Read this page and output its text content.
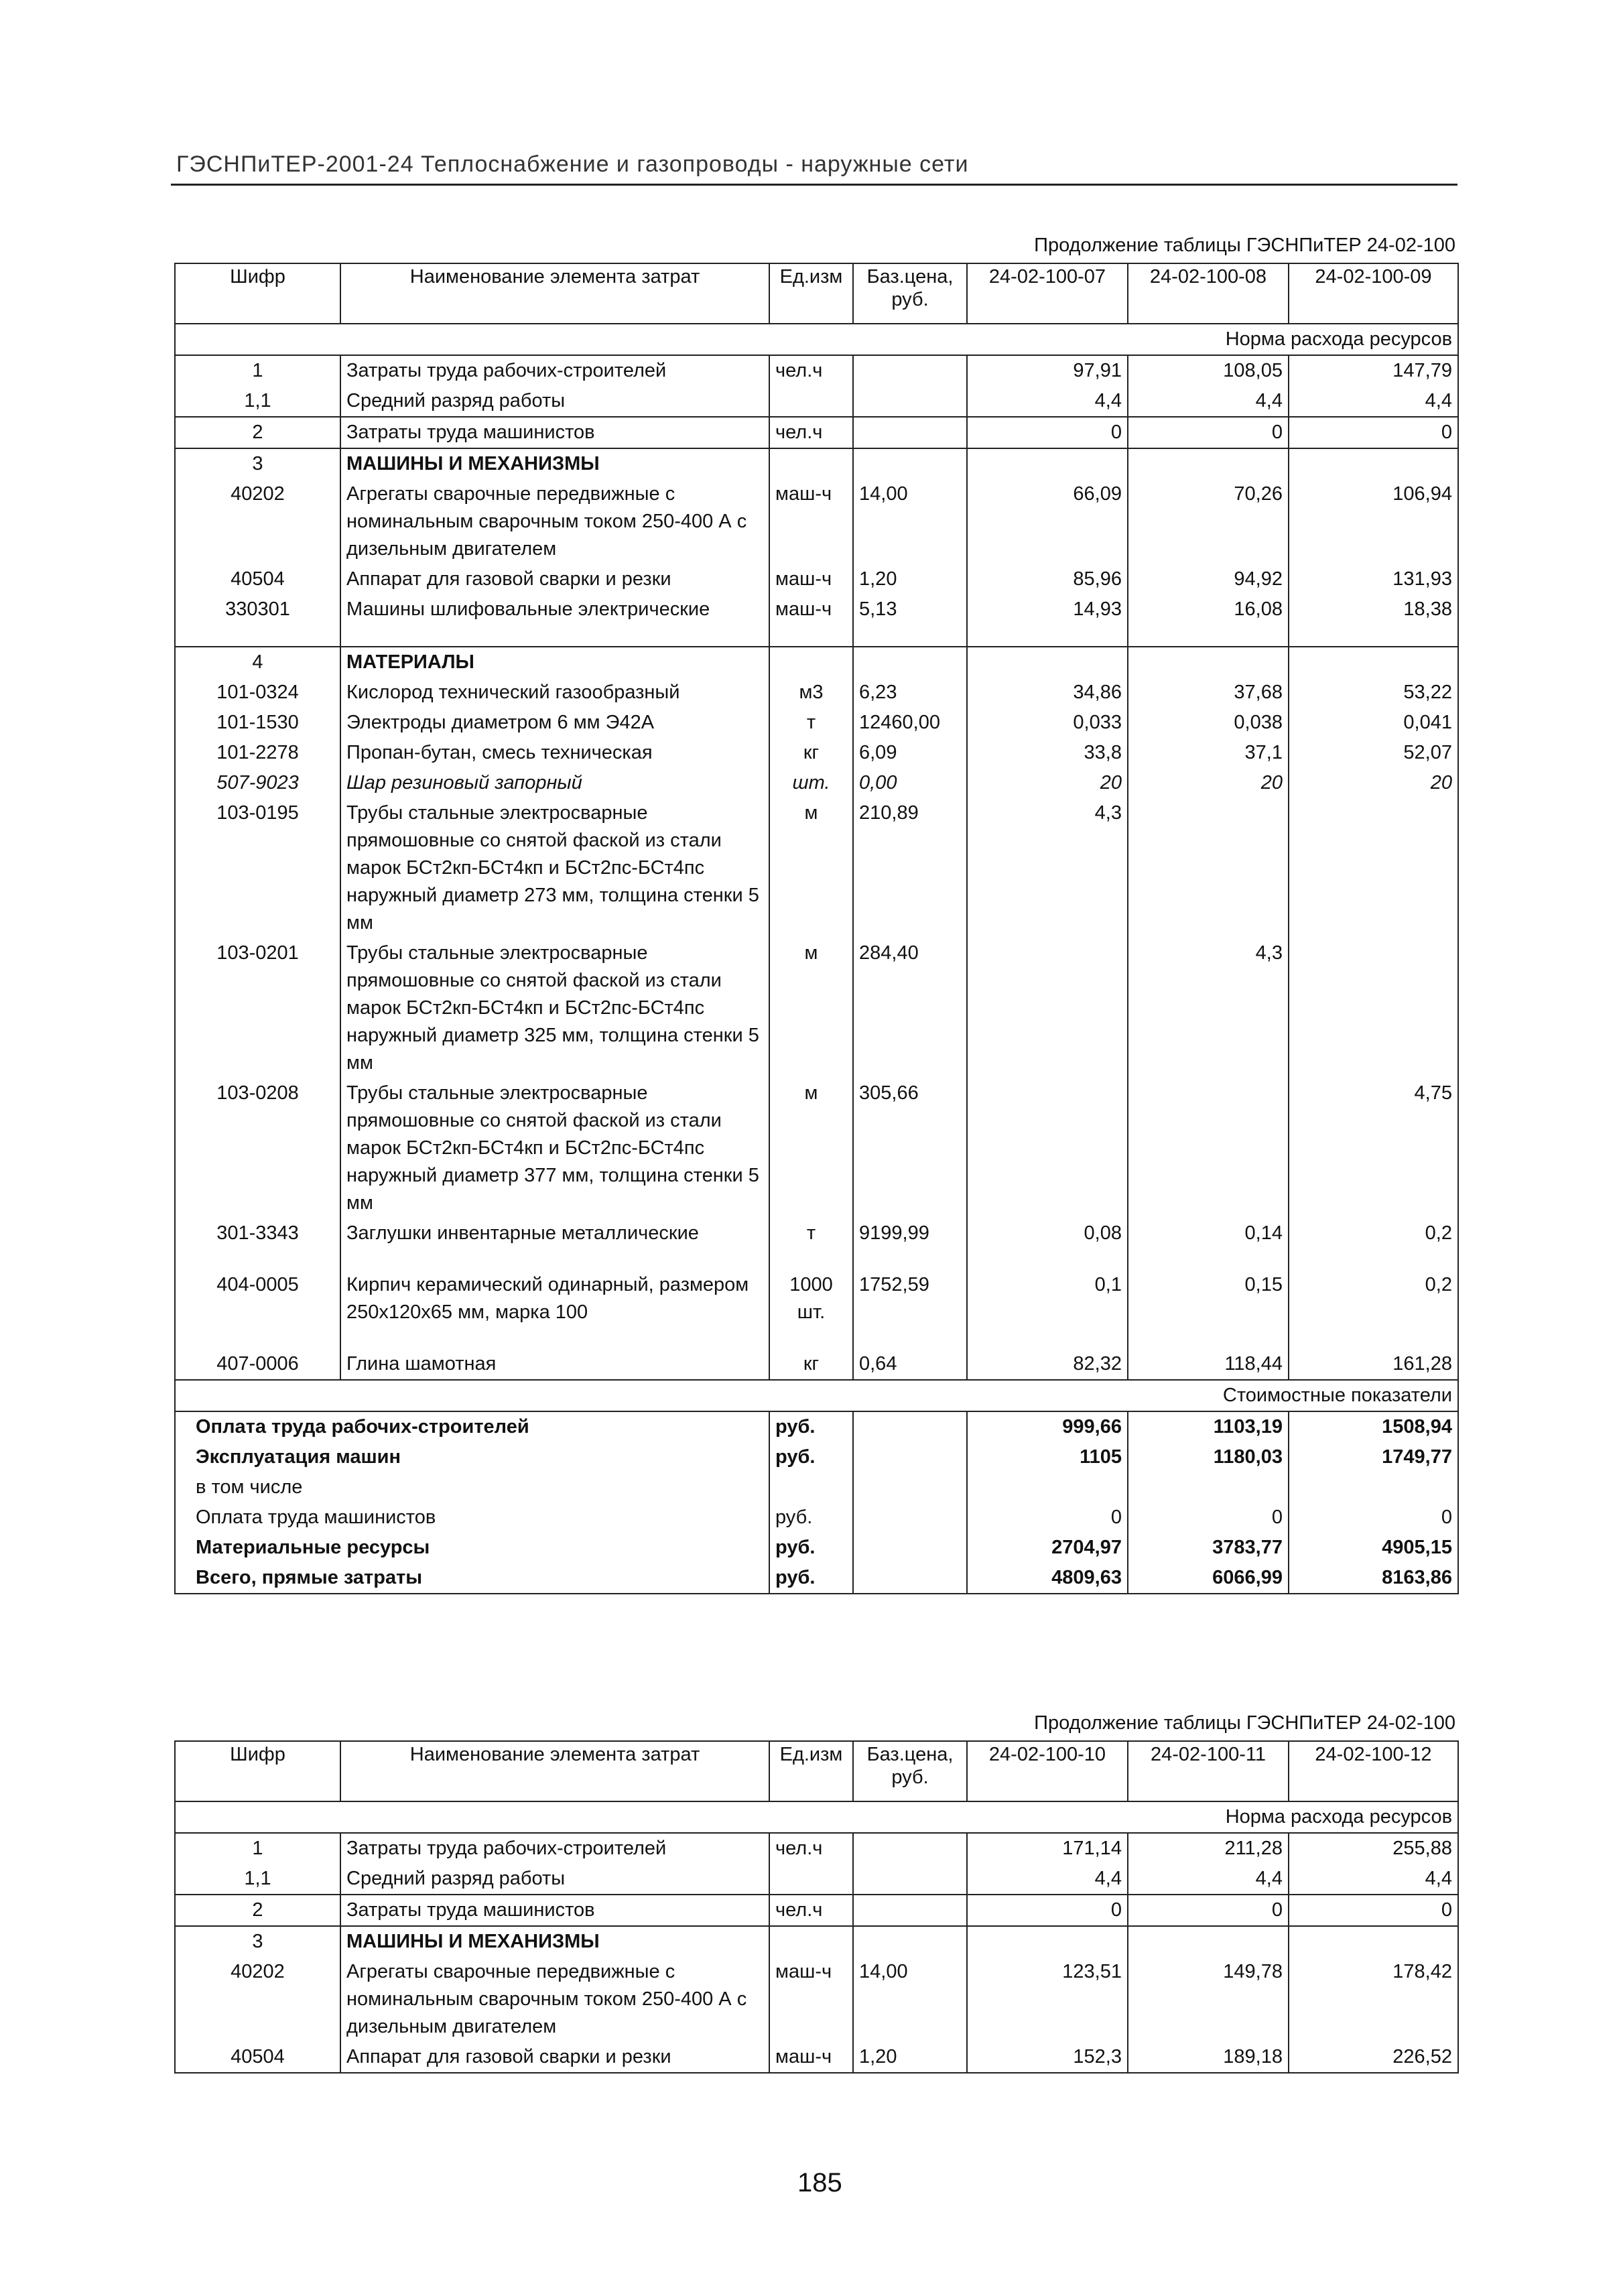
ГЭСНПиТЕР-2001-24 Теплоснабжение и газопроводы - наружные сети
Продолжение таблицы ГЭСНПиТЕР 24-02-100
Шифр	Наименование элемента затрат	Ед.изм	Баз.цена, руб.	24-02-100-07	24-02-100-08	24-02-100-09
Норма расхода ресурсов						
1	Затраты труда рабочих-строителей	чел.ч		97,91	108,05	147,79
1,1	Средний разряд работы			4,4	4,4	4,4
2	Затраты труда машинистов	чел.ч		0	0	0
3	МАШИНЫ И МЕХАНИЗМЫ					
40202	Агрегаты сварочные передвижные с номинальным сварочным током 250-400 А с дизельным двигателем	маш-ч	14,00	66,09	70,26	106,94
40504	Аппарат для газовой сварки и резки	маш-ч	1,20	85,96	94,92	131,93
330301	Машины шлифовальные электрические	маш-ч	5,13	14,93	16,08	18,38

4	МАТЕРИАЛЫ					
101-0324	Кислород технический газообразный	м3	6,23	34,86	37,68	53,22
101-1530	Электроды диаметром 6 мм Э42А	т	12460,00	0,033	0,038	0,041
101-2278	Пропан-бутан, смесь техническая	кг	6,09	33,8	37,1	52,07
507-9023	Шар резиновый запорный	шт.	0,00	20	20	20
103-0195	Трубы стальные электросварные прямошовные со снятой фаской из стали марок БСт2кп-БСт4кп и БСт2пс-БСт4пс наружный диаметр 273 мм, толщина стенки 5 мм	м	210,89	4,3		
103-0201	Трубы стальные электросварные прямошовные со снятой фаской из стали марок БСт2кп-БСт4кп и БСт2пс-БСт4пс наружный диаметр 325 мм, толщина стенки 5 мм	м	284,40		4,3	
103-0208	Трубы стальные электросварные прямошовные со снятой фаской из стали марок БСт2кп-БСт4кп и БСт2пс-БСт4пс наружный диаметр 377 мм, толщина стенки 5 мм	м	305,66			4,75
301-3343	Заглушки инвентарные металлические	т	9199,99	0,08	0,14	0,2

404-0005	Кирпич керамический одинарный, размером 250х120х65 мм, марка 100	1000 шт.	1752,59	0,1	0,15	0,2

407-0006	Глина шамотная	кг	0,64	82,32	118,44	161,28
Стоимостные показатели						
Оплата труда рабочих-строителей		руб.		999,66	1103,19	1508,94
Эксплуатация машин		руб.		1105	1180,03	1749,77
в том числе						
Оплата труда машинистов		руб.		0	0	0
Материальные ресурсы		руб.		2704,97	3783,77	4905,15
Всего, прямые затраты		руб.		4809,63	6066,99	8163,86
Продолжение таблицы ГЭСНПиТЕР 24-02-100
Шифр	Наименование элемента затрат	Ед.изм	Баз.цена, руб.	24-02-100-10	24-02-100-11	24-02-100-12
Норма расхода ресурсов						
1	Затраты труда рабочих-строителей	чел.ч		171,14	211,28	255,88
1,1	Средний разряд работы			4,4	4,4	4,4
2	Затраты труда машинистов	чел.ч		0	0	0
3	МАШИНЫ И МЕХАНИЗМЫ					
40202	Агрегаты сварочные передвижные с номинальным сварочным током 250-400 А с дизельным двигателем	маш-ч	14,00	123,51	149,78	178,42
40504	Аппарат для газовой сварки и резки	маш-ч	1,20	152,3	189,18	226,52
185
